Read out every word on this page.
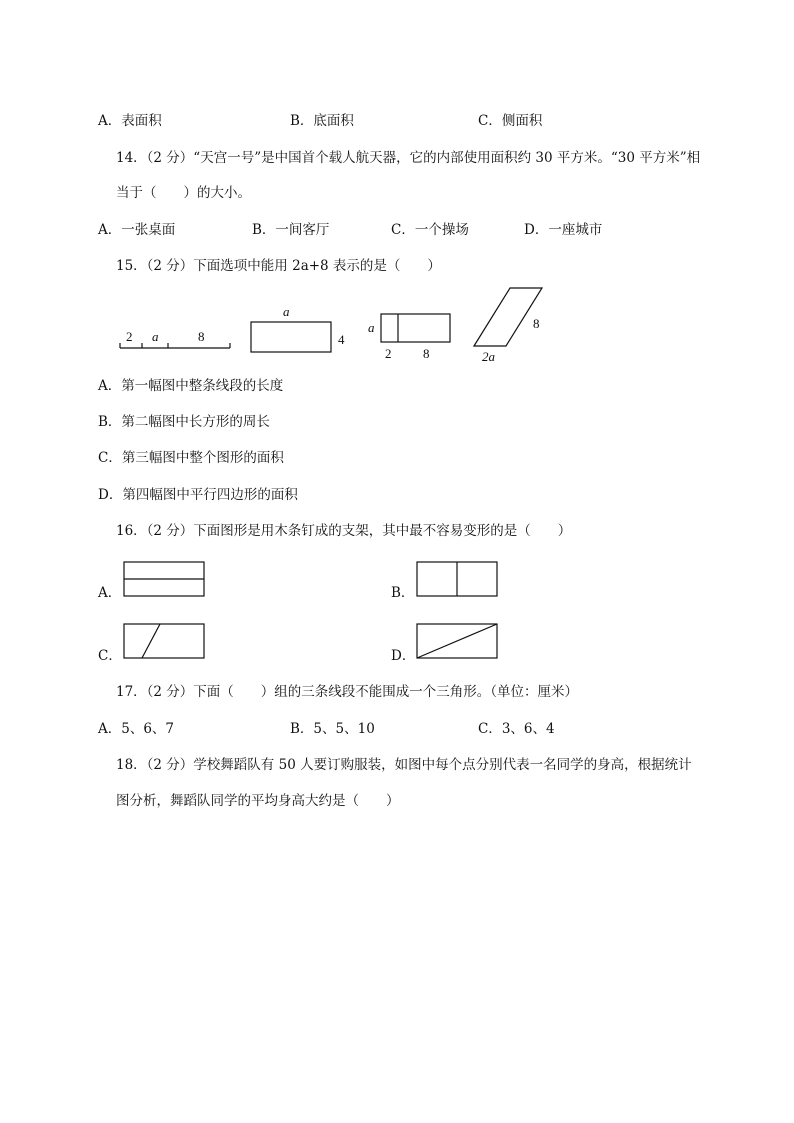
A．表面积	B．底面积	C．侧面积
14．（2 分）“天宫一号”是中国首个载人航天器，它的内部使用面积约 30 平方米。“30 平方米”相
当于（　　）的大小。
A．一张桌面	B．一间客厅	C．一个操场	D．一座城市
15．（2 分）下面选项中能用 2a+8 表示的是（　　）
2 a	8
a
4
a
2 8
8
2a
A．第一幅图中整条线段的长度
B．第二幅图中长方形的周长
C．第三幅图中整个图形的面积
D．第四幅图中平行四边形的面积
16．（2 分）下面图形是用木条钉成的支架，其中最不容易变形的是（　　）
A．	B．
C．	D．
17．（2 分）下面（　　）组的三条线段不能围成一个三角形。（单位：厘米）
A．5、6、7	B．5、5、10	C．3、6、4
18．（2 分）学校舞蹈队有 50 人要订购服装，如图中每个点分别代表一名同学的身高，根据统计
图分析，舞蹈队同学的平均身高大约是（　　）
